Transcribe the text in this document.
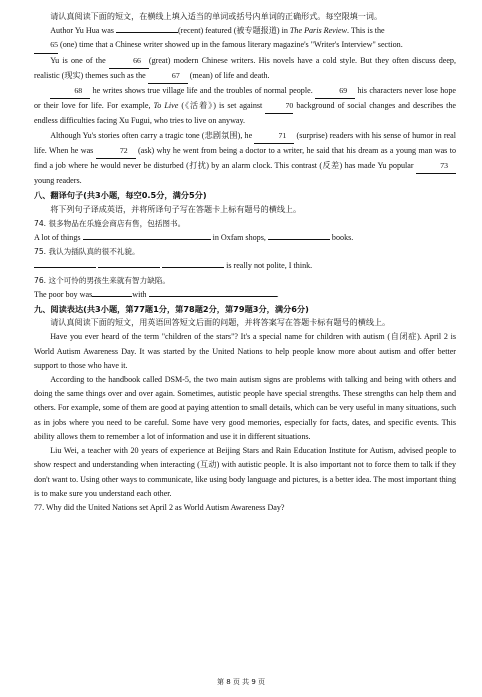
请认真阅读下面的短文，在横线上填入适当的单词或括号内单词的正确形式。每空限填一词。

Author Yu Hua was	(recent) featured (被专题报道) in The Paris Review. This is the
65 (one) time that a Chinese writer showed up in the famous literary magazine's "Writer's Interview" section.

Yu is one of the	66 (great) modern Chinese writers. His novels have a cold style. But they often discuss deep, realistic (现实) themes such as the	67 (mean) of life and death.

68 he writes shows true village life and the troubles of normal people.	69 his characters never lose hope or their love for life. For example, To Live (《活着》) is set against	70 background of social changes and describes the endless difficulties facing Xu Fugui, who tries to live on anyway.

Although Yu's stories often carry a tragic tone (悲剧氛围), he	71 (surprise) readers with his sense of humor in real life. When he was	72 (ask) why he went from being a doctor to a writer, he said that his dream as a young man was to find a job where he would never be disturbed (打扰) by an alarm clock. This contrast (反差) has made Yu popular	73 young readers.

八、翻译句子(共3小题，每空0.5分，满分5分)

将下列句子译成英语，并将所译句子写在答题卡上标有题号的横线上。

74. 很多物品在乐施会商店有售，包括图书。

A lot of things	in Oxfam shops,	books.

75. 我认为插队真的很不礼貌。

is really not polite, I think.

76. 这个可怜的男孩生来就有智力缺陷。

The poor boy was	with	.

九、阅读表达(共3小题，第77题1分，第78题2分，第79题3分，满分6分)

请认真阅读下面的短文，用英语回答短文后面的问题，并将答案写在答题卡标有题号的横线上。

Have you ever heard of the term "children of the stars"? It's a special name for children with autism (自闭症). April 2 is World Autism Awareness Day. It was started by the United Nations to help people know more about autism and offer better support to those who have it.

According to the handbook called DSM-5, the two main autism signs are problems with talking and being with others and doing the same things over and over again. Sometimes, autistic people have special strengths. These strengths can help them and others. For example, some of them are good at paying attention to small details, which can be very useful in many situations, such as in jobs where you need to be careful. Some have very good memories, especially for facts, dates, and specific events. This ability allows them to remember a lot of information and use it in different situations.

Liu Wei, a teacher with 20 years of experience at Beijing Stars and Rain Education Institute for Autism, advised people to show respect and understanding when interacting (互动) with autistic people. It is also important not to force them to talk if they don't want to. Using other ways to communicate, like using body language and pictures, is a better idea. The most important thing is to make sure you understand each other.

77. Why did the United Nations set April 2 as World Autism Awareness Day?

第 8 页 共 9 页
